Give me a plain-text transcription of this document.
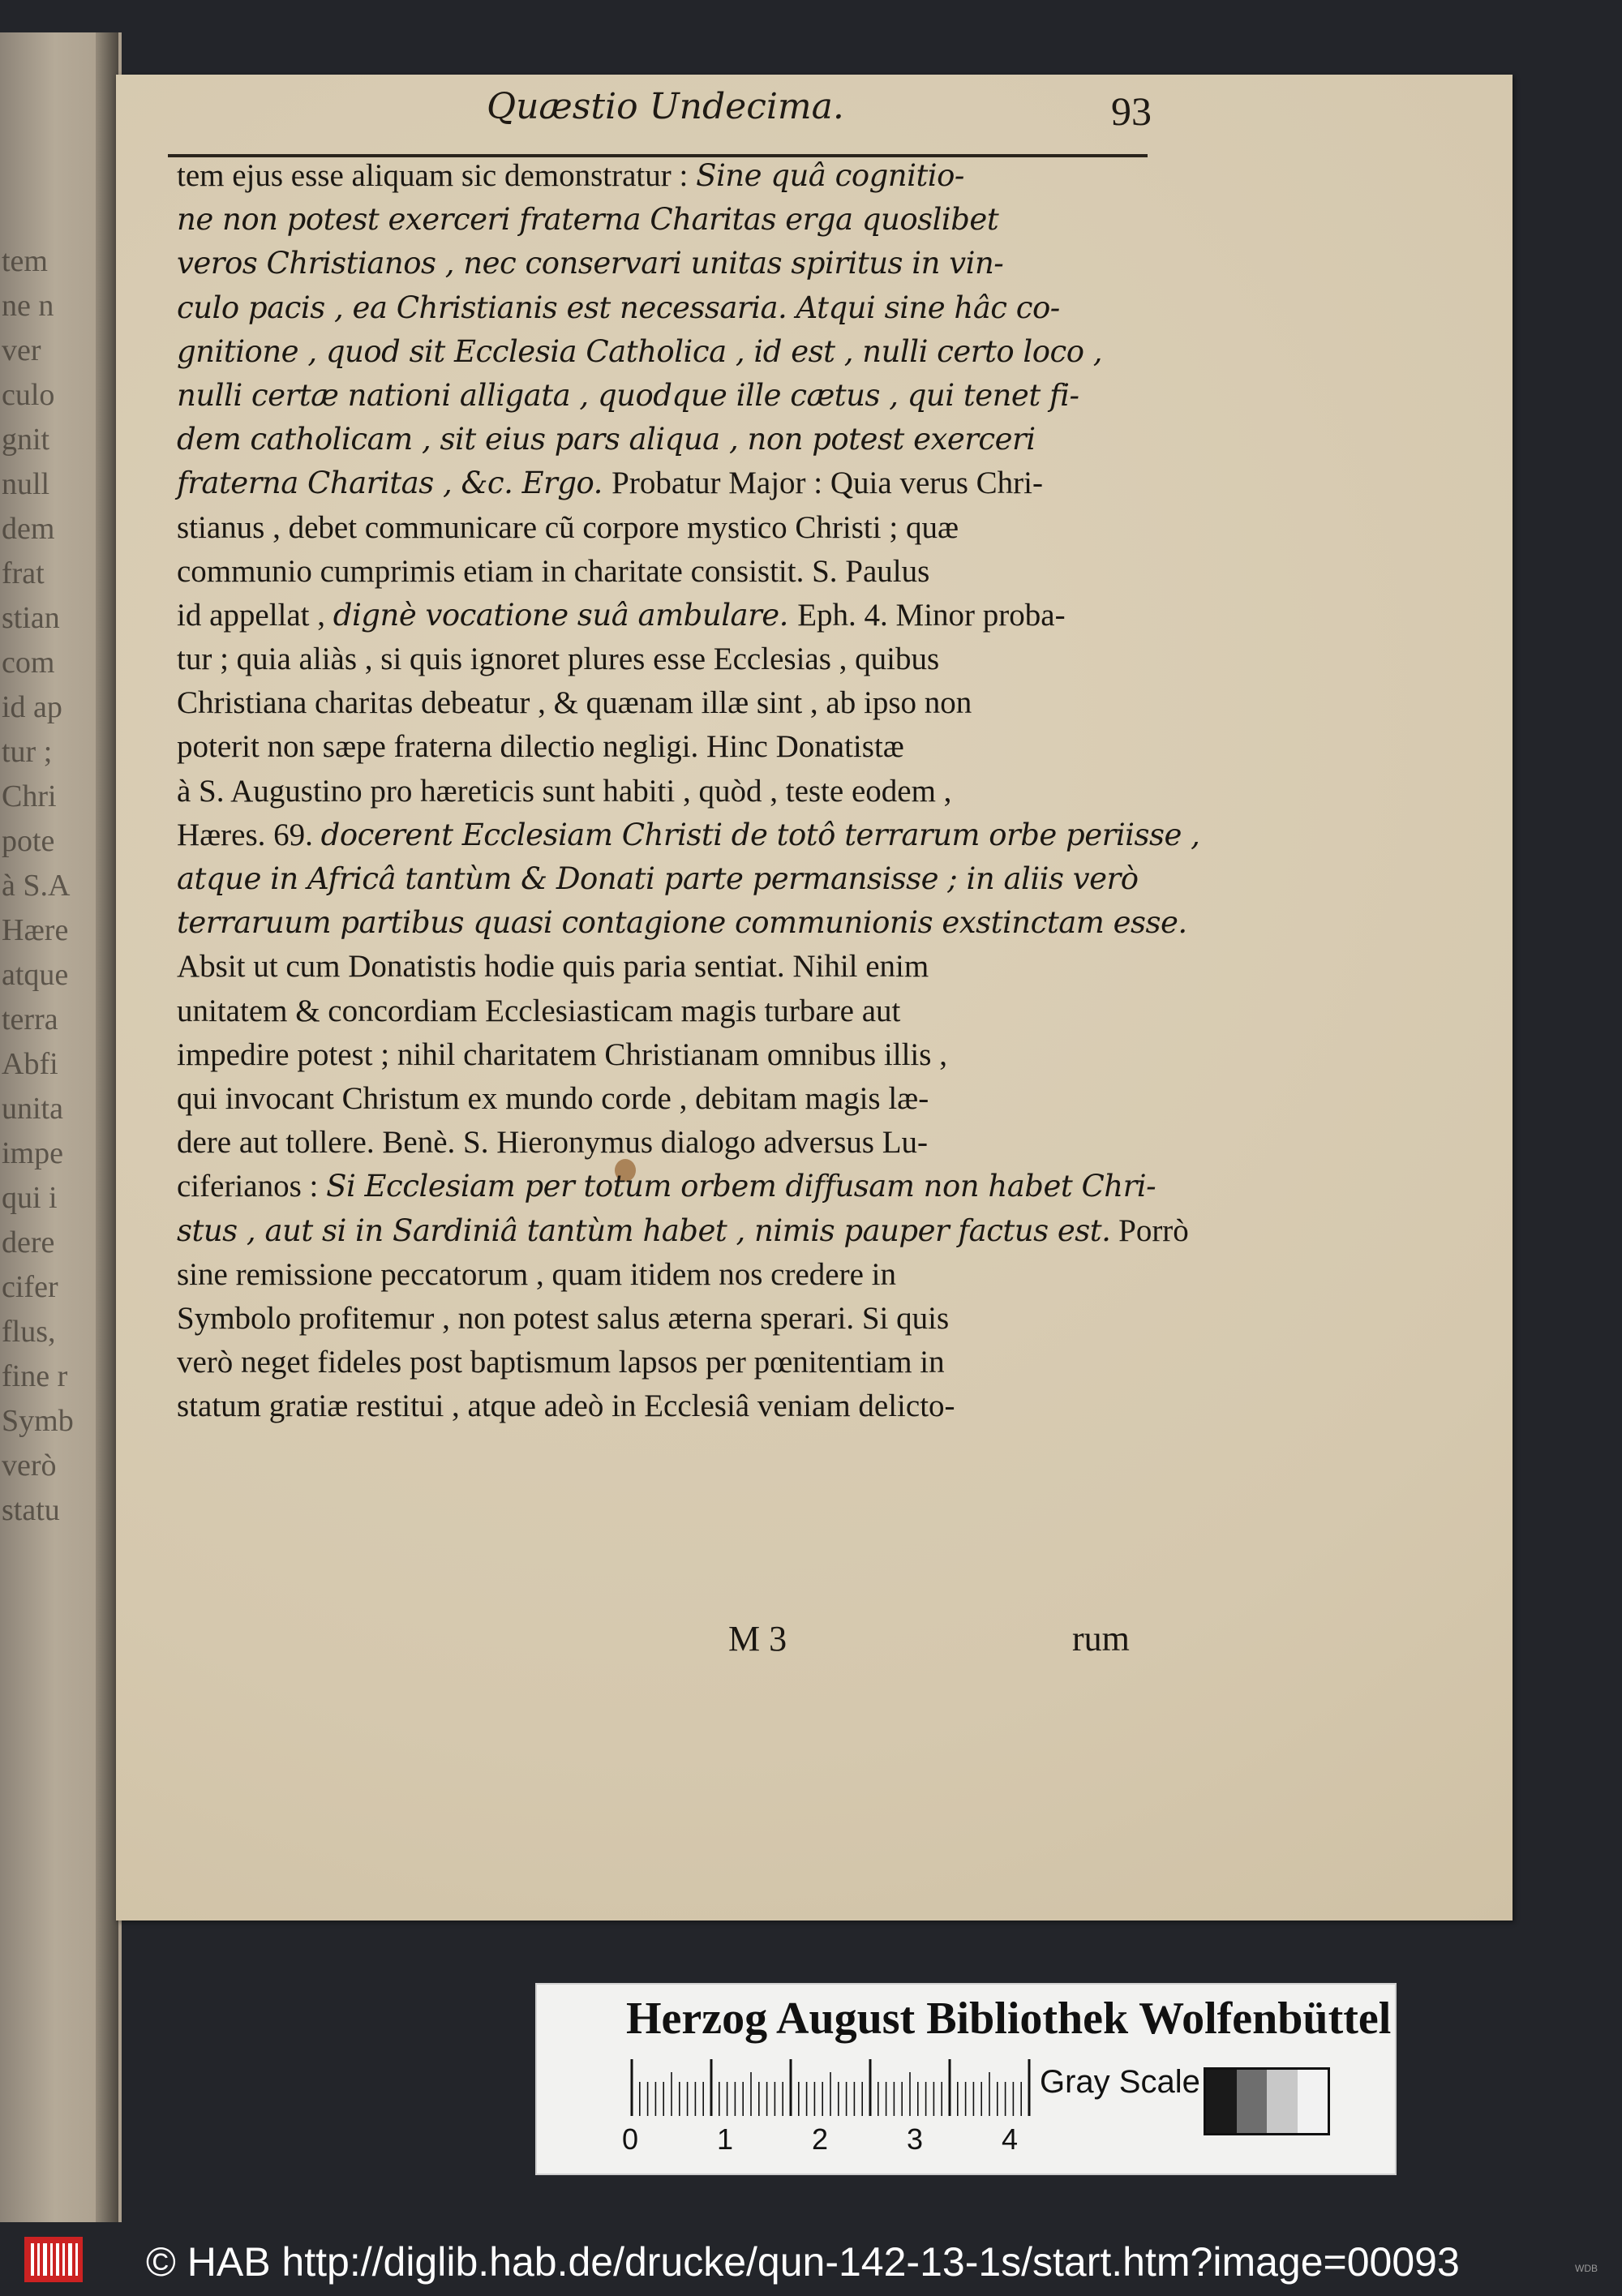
tem
ne n
ver
culo
gnit
null
dem
frat
stian
com
id ap
tur ;
Chri
pote
à S.A
Hære
atque
terra
Abfi
unita
impe
qui i
dere
cifer
flus,
fine r
Symb
verò
statu
Quæstio Undecima.	93
tem ejus esse aliquam sic demonstratur : Sine quâ cognitio-
ne non potest exerceri fraterna Charitas erga quoslibet
veros Christianos , nec conservari unitas spiritus in vin-
culo pacis , ea Christianis est necessaria. Atqui sine hâc co-
gnitione , quod sit Ecclesia Catholica , id est , nulli certo loco ,
nulli certæ nationi alligata , quodque ille cætus , qui tenet fi-
dem catholicam , sit eius pars aliqua , non potest exerceri
fraterna Charitas , &c. Ergo. Probatur Major : Quia verus Chri-
stianus , debet communicare cũ corpore mystico Christi ; quæ
communio cumprimis etiam in charitate consistit. S. Paulus
id appellat , dignè vocatione suâ ambulare. Eph. 4. Minor proba-
tur ; quia aliàs , si quis ignoret plures esse Ecclesias , quibus
Christiana charitas debeatur , & quænam illæ sint , ab ipso non
poterit non sæpe fraterna dilectio negligi. Hinc Donatistæ
à S. Augustino pro hæreticis sunt habiti , quòd , teste eodem ,
Hæres. 69. docerent Ecclesiam Christi de totô terrarum orbe periisse ,
atque in Africâ tantùm & Donati parte permansisse ; in aliis verò
terraruum partibus quasi contagione communionis exstinctam esse.
Absit ut cum Donatistis hodie quis paria sentiat. Nihil enim
unitatem & concordiam Ecclesiasticam magis turbare aut
impedire potest ; nihil charitatem Christianam omnibus illis ,
qui invocant Christum ex mundo corde , debitam magis læ-
dere aut tollere. Benè. S. Hieronymus dialogo adversus Lu-
ciferianos : Si Ecclesiam per totum orbem diffusam non habet Chri-
stus , aut si in Sardiniâ tantùm habet , nimis pauper factus est. Porrò
sine remissione peccatorum , quam itidem nos credere in
Symbolo profitemur , non potest salus æterna sperari. Si quis
verò neget fideles post baptismum lapsos per pœnitentiam in
statum gratiæ restitui , atque adeò in Ecclesiâ veniam delicto-
M 3	rum
Herzog August Bibliothek Wolfenbüttel
0	1	2	3	4
Gray Scale
© HAB http://diglib.hab.de/drucke/qun-142-13-1s/start.htm?image=00093	WDB
